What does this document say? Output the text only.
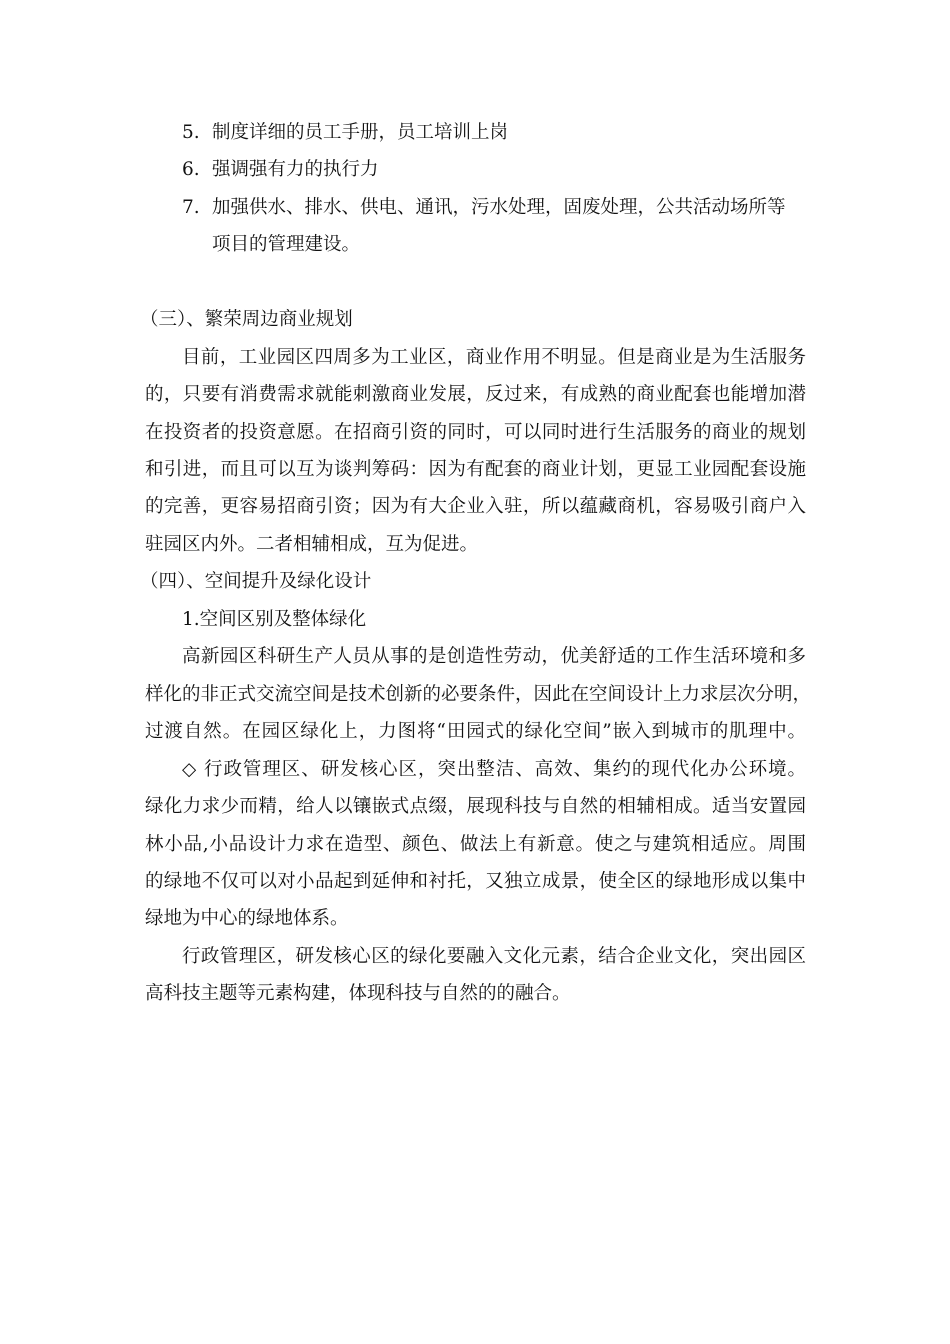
5. 制度详细的员工手册，员工培训上岗
6. 强调强有力的执行力
7. 加强供水、排水、供电、通讯，污水处理，固废处理，公共活动场所等
项目的管理建设。
（三）、繁荣周边商业规划
目前，工业园区四周多为工业区，商业作用不明显。但是商业是为生活服务
的，只要有消费需求就能刺激商业发展，反过来，有成熟的商业配套也能增加潜
在投资者的投资意愿。在招商引资的同时，可以同时进行生活服务的商业的规划
和引进，而且可以互为谈判筹码：因为有配套的商业计划，更显工业园配套设施
的完善，更容易招商引资；因为有大企业入驻，所以蕴藏商机，容易吸引商户入
驻园区内外。二者相辅相成，互为促进。
（四）、空间提升及绿化设计
1.空间区别及整体绿化
高新园区科研生产人员从事的是创造性劳动，优美舒适的工作生活环境和多
样化的非正式交流空间是技术创新的必要条件，因此在空间设计上力求层次分明，
过渡自然。在园区绿化上，力图将“田园式的绿化空间”嵌入到城市的肌理中。
◇ 行政管理区、研发核心区，突出整洁、高效、集约的现代化办公环境。
绿化力求少而精，给人以镶嵌式点缀，展现科技与自然的相辅相成。适当安置园
林小品,小品设计力求在造型、颜色、做法上有新意。使之与建筑相适应。周围
的绿地不仅可以对小品起到延伸和衬托，又独立成景，使全区的绿地形成以集中
绿地为中心的绿地体系。
行政管理区，研发核心区的绿化要融入文化元素，结合企业文化，突出园区
高科技主题等元素构建，体现科技与自然的的融合。
